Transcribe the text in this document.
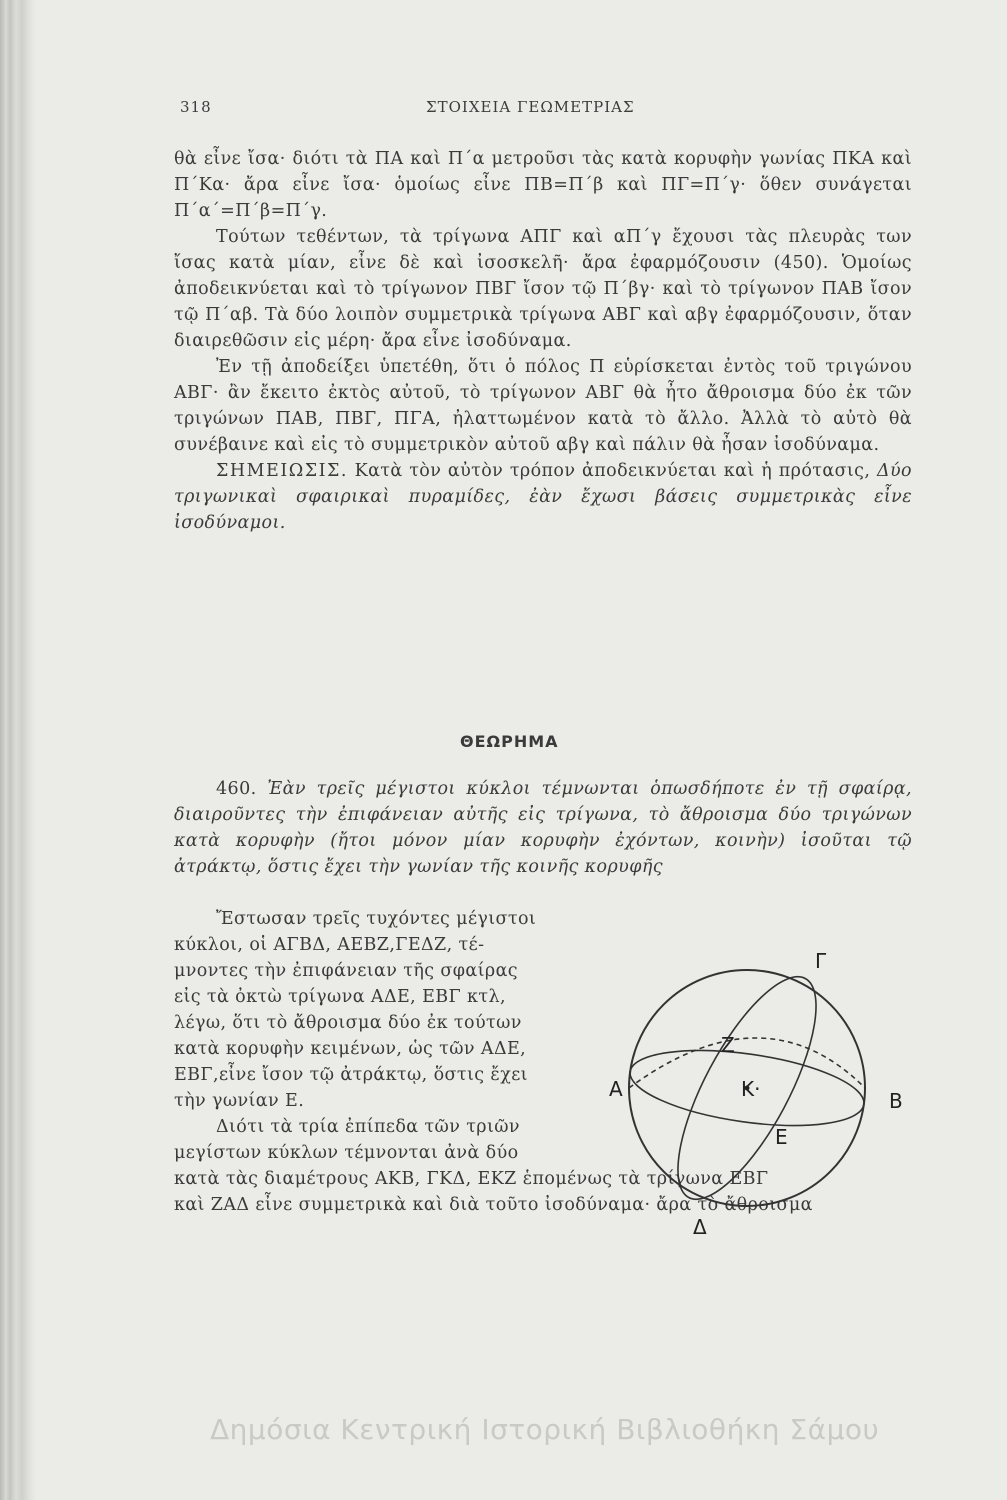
318	ΣΤΟΙΧΕΙΑ ΓΕΩΜΕΤΡΙΑΣ

θὰ εἶνε ἴσα· διότι τὰ ΠΑ καὶ Π΄α μετροῦσι τὰς κατὰ κορυφὴν γωνίας ΠΚΑ καὶ Π΄Κα· ἄρα εἶνε ἴσα· ὁμοίως εἶνε ΠΒ=Π΄β καὶ ΠΓ=Π΄γ· ὅθεν συνάγεται Π΄α΄=Π΄β=Π΄γ.

Τούτων τεθέντων, τὰ τρίγωνα ΑΠΓ καὶ αΠ΄γ ἔχουσι τὰς πλευρὰς των ἴσας κατὰ μίαν, εἶνε δὲ καὶ ἰσοσκελῆ· ἄρα ἐφαρμόζουσιν (450). Ὁμοίως ἀποδεικνύεται καὶ τὸ τρίγωνον ΠΒΓ ἴσον τῷ Π΄βγ· καὶ τὸ τρίγωνον ΠΑΒ ἴσον τῷ Π΄αβ. Τὰ δύο λοιπὸν συμμετρικὰ τρίγωνα ΑΒΓ καὶ αβγ ἐφαρμόζουσιν, ὅταν διαιρεθῶσιν εἰς μέρη· ἄρα εἶνε ἰσοδύναμα.

Ἐν τῇ ἀποδείξει ὑπετέθη, ὅτι ὁ πόλος Π εὑρίσκεται ἐντὸς τοῦ τριγώνου ΑΒΓ· ἂν ἔκειτο ἐκτὸς αὐτοῦ, τὸ τρίγωνον ΑΒΓ θὰ ἦτο ἄθροισμα δύο ἐκ τῶν τριγώνων ΠΑΒ, ΠΒΓ, ΠΓΑ, ἠλαττωμένον κατὰ τὸ ἄλλο. Ἀλλὰ τὸ αὐτὸ θὰ συνέβαινε καὶ εἰς τὸ συμμετρικὸν αὐτοῦ αβγ καὶ πάλιν θὰ ἦσαν ἰσοδύναμα.

ΣΗΜΕΙΩΣΙΣ. Κατὰ τὸν αὐτὸν τρόπον ἀποδεικνύεται καὶ ἡ πρότασις, Δύο τριγωνικαὶ σφαιρικαὶ πυραμίδες, ἐὰν ἔχωσι βάσεις συμμετρικὰς εἶνε ἰσοδύναμοι.

ΘΕΩΡΗΜΑ

460. Ἐὰν τρεῖς μέγιστοι κύκλοι τέμνωνται ὁπωσδήποτε ἐν τῇ σφαίρᾳ, διαιροῦντες τὴν ἐπιφάνειαν αὐτῆς εἰς τρίγωνα, τὸ ἄθροισμα δύο τριγώνων κατὰ κορυφὴν (ἤτοι μόνον μίαν κορυφὴν ἐχόντων, κοινὴν) ἰσοῦται τῷ ἀτράκτῳ, ὅστις ἔχει τὴν γωνίαν τῆς κοινῆς κορυφῆς

Ἔστωσαν τρεῖς τυχόντες μέγιστοι
κύκλοι, οἱ ΑΓΒΔ, ΑΕΒΖ,ΓΕΔΖ, τέ-
μνοντες τὴν ἐπιφάνειαν τῆς σφαίρας
εἰς τὰ ὀκτὼ τρίγωνα ΑΔΕ, ΕΒΓ κτλ,
λέγω, ὅτι τὸ ἄθροισμα δύο ἐκ τούτων
κατὰ κορυφὴν κειμένων, ὡς τῶν ΑΔΕ,
ΕΒΓ,εἶνε ἴσον τῷ ἀτράκτῳ, ὅστις ἔχει
τὴν γωνίαν Ε.
Διότι τὰ τρία ἐπίπεδα τῶν τριῶν
μεγίστων κύκλων τέμνονται ἀνὰ δύο
κατὰ τὰς διαμέτρους ΑΚΒ, ΓΚΔ, ΕΚΖ ἑπομένως τὰ τρίγωνα ΕΒΓ
καὶ ΖΑΔ εἶνε συμμετρικὰ καὶ διὰ τοῦτο ἰσοδύναμα· ἄρα τὸ ἄθροισμα
Γ
Α	Β
Δ
Ζ
Κ·
Ε
Δημόσια Κεντρική Ιστορική Βιβλιοθήκη Σάμου
